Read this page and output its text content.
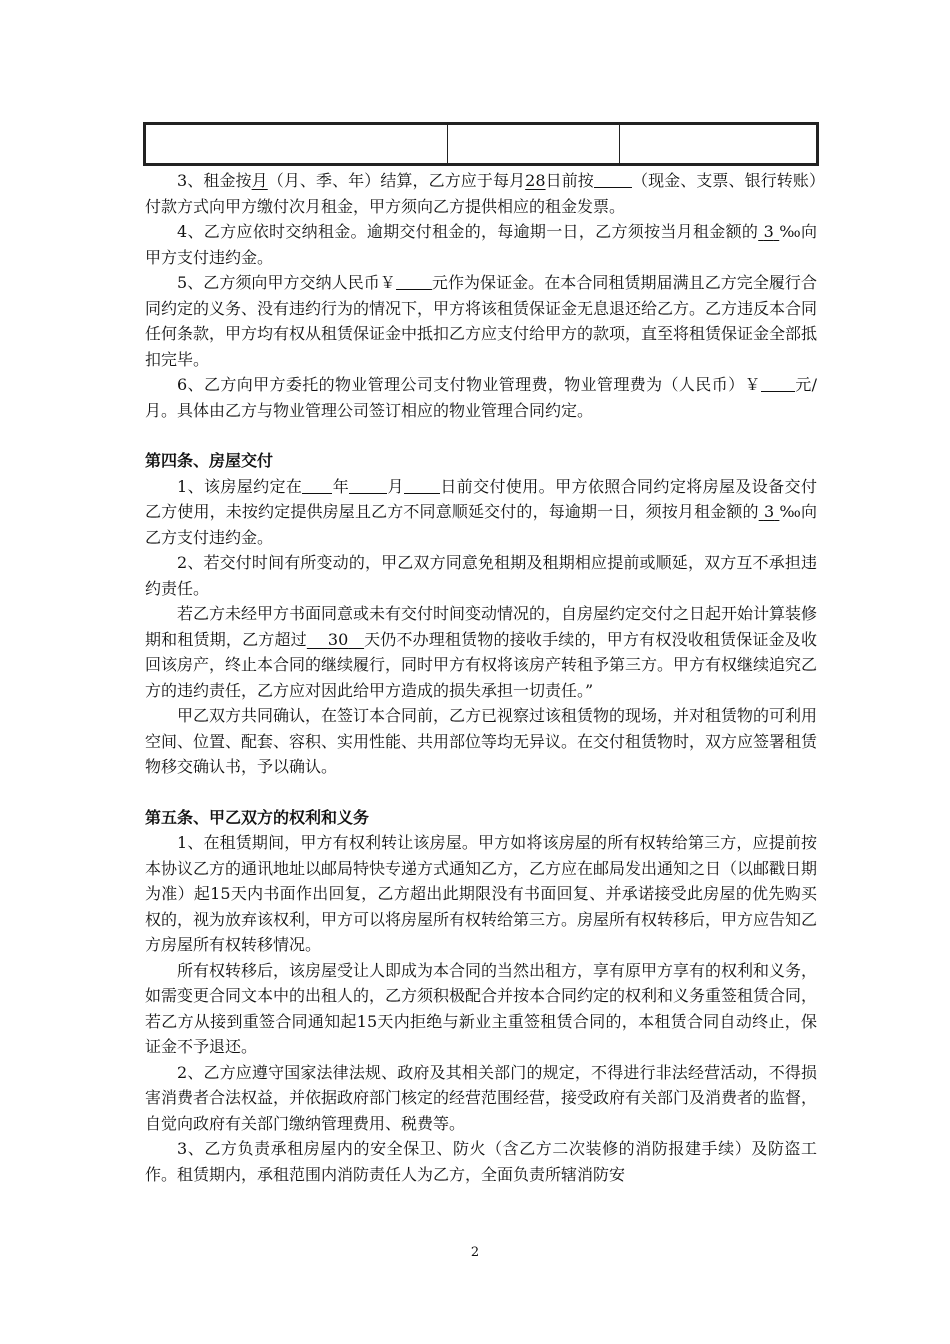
3、租金按月（月、季、年）结算，乙方应于每月28日前按 （现金、支票、银行转账）付款方式向甲方缴付次月租金，甲方须向乙方提供相应的租金发票。

4、乙方应依时交纳租金。逾期交付租金的，每逾期一日，乙方须按当月租金额的 3 ‰向甲方支付违约金。

5、乙方须向甲方交纳人民币￥ 元作为保证金。在本合同租赁期届满且乙方完全履行合同约定的义务、没有违约行为的情况下，甲方将该租赁保证金无息退还给乙方。乙方违反本合同任何条款，甲方均有权从租赁保证金中抵扣乙方应支付给甲方的款项，直至将租赁保证金全部抵扣完毕。

6、乙方向甲方委托的物业管理公司支付物业管理费，物业管理费为（人民币）￥ 元/月。具体由乙方与物业管理公司签订相应的物业管理合同约定。

第四条、房屋交付

1、该房屋约定在 年 月 日前交付使用。甲方依照合同约定将房屋及设备交付乙方使用，未按约定提供房屋且乙方不同意顺延交付的，每逾期一日，须按月租金额的 3 ‰向乙方支付违约金。

2、若交付时间有所变动的，甲乙双方同意免租期及租期相应提前或顺延，双方互不承担违约责任。

若乙方未经甲方书面同意或未有交付时间变动情况的，自房屋约定交付之日起开始计算装修期和租赁期，乙方超过 30 天仍不办理租赁物的接收手续的，甲方有权没收租赁保证金及收回该房产，终止本合同的继续履行，同时甲方有权将该房产转租予第三方。甲方有权继续追究乙方的违约责任，乙方应对因此给甲方造成的损失承担一切责任。”

甲乙双方共同确认，在签订本合同前，乙方已视察过该租赁物的现场，并对租赁物的可利用空间、位置、配套、容积、实用性能、共用部位等均无异议。在交付租赁物时，双方应签署租赁物移交确认书，予以确认。

第五条、甲乙双方的权利和义务

1、在租赁期间，甲方有权利转让该房屋。甲方如将该房屋的所有权转给第三方，应提前按本协议乙方的通讯地址以邮局特快专递方式通知乙方，乙方应在邮局发出通知之日（以邮戳日期为准）起15天内书面作出回复，乙方超出此期限没有书面回复、并承诺接受此房屋的优先购买权的，视为放弃该权利，甲方可以将房屋所有权转给第三方。房屋所有权转移后，甲方应告知乙方房屋所有权转移情况。

所有权转移后，该房屋受让人即成为本合同的当然出租方，享有原甲方享有的权利和义务，如需变更合同文本中的出租人的，乙方须积极配合并按本合同约定的权利和义务重签租赁合同，若乙方从接到重签合同通知起15天内拒绝与新业主重签租赁合同的，本租赁合同自动终止，保证金不予退还。

2、乙方应遵守国家法律法规、政府及其相关部门的规定，不得进行非法经营活动，不得损害消费者合法权益，并依据政府部门核定的经营范围经营，接受政府有关部门及消费者的监督，自觉向政府有关部门缴纳管理费用、税费等。

3、乙方负责承租房屋内的安全保卫、防火（含乙方二次装修的消防报建手续）及防盗工作。租赁期内，承租范围内消防责任人为乙方，全面负责所辖消防安

2
